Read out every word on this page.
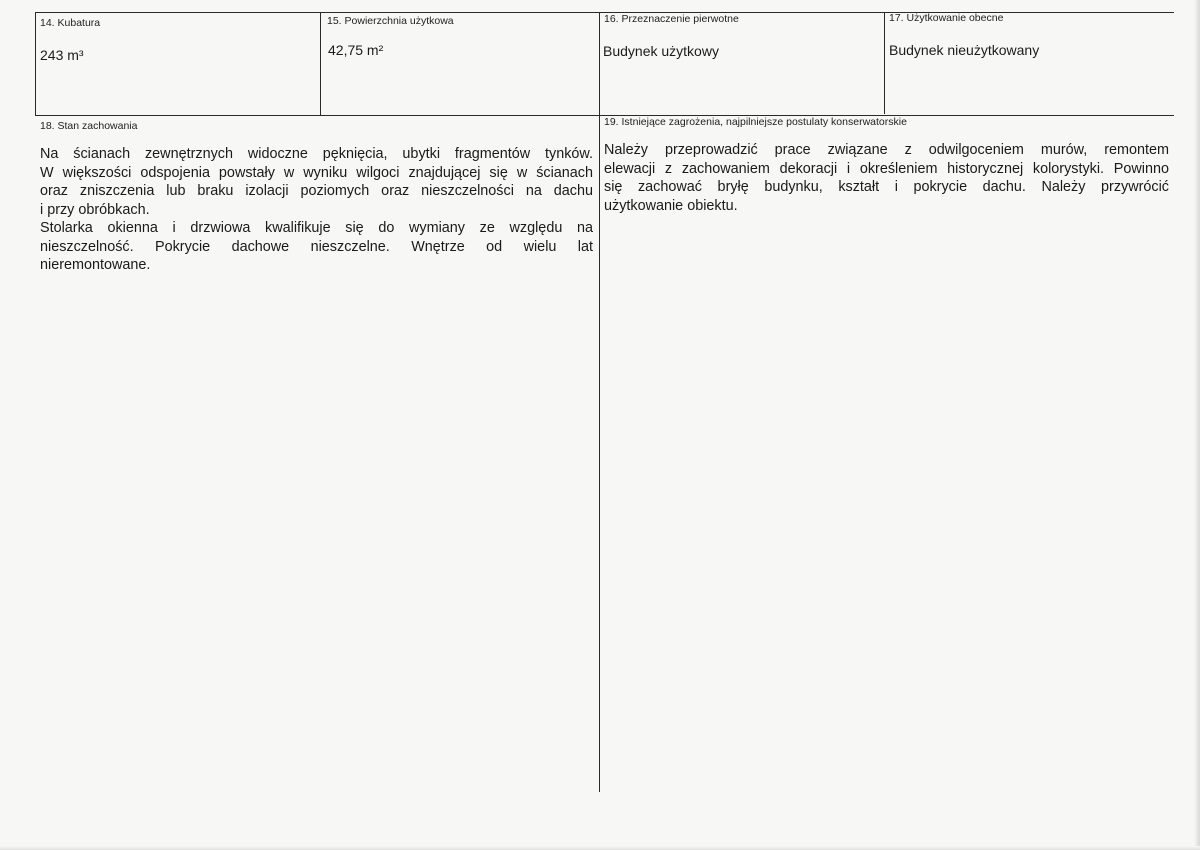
14. Kubatura
243 m³
15. Powierzchnia użytkowa
42,75 m²
16. Przeznaczenie pierwotne
Budynek użytkowy
17. Użytkowanie obecne
Budynek nieużytkowany
18. Stan zachowania
Na ścianach zewnętrznych widoczne pęknięcia, ubytki fragmentów tynków.
W większości odspojenia powstały w wyniku wilgoci znajdującej się w ścianach
oraz zniszczenia lub braku izolacji poziomych oraz nieszczelności na dachu
i przy obróbkach.
Stolarka okienna i drzwiowa kwalifikuje się do wymiany ze względu na
nieszczelność. Pokrycie dachowe nieszczelne. Wnętrze od wielu lat
nieremontowane.
19. Istniejące zagrożenia, najpilniejsze postulaty konserwatorskie
Należy przeprowadzić prace związane z odwilgoceniem murów, remontem
elewacji z zachowaniem dekoracji i określeniem historycznej kolorystyki. Powinno
się zachować bryłę budynku, kształt i pokrycie dachu. Należy przywrócić
użytkowanie obiektu.
